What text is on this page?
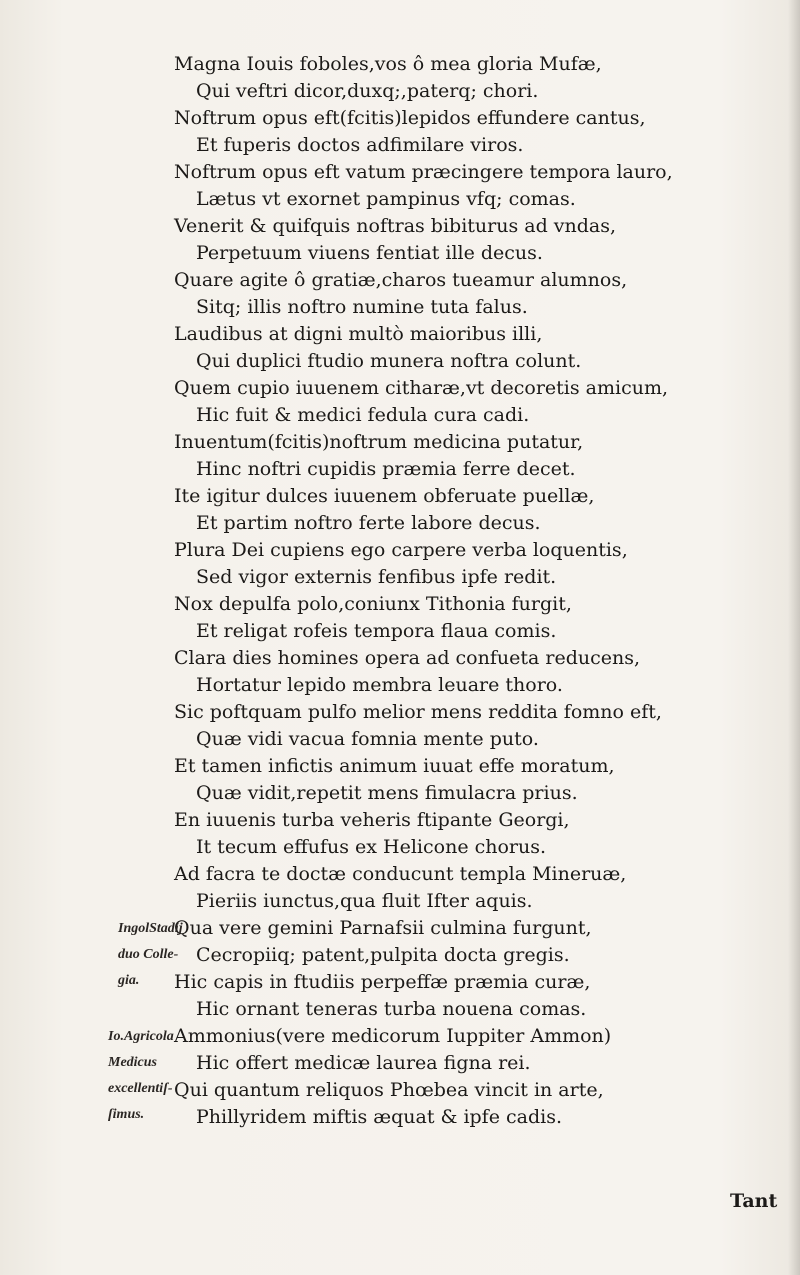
Magna Iouis foboles,vos ô mea gloria Mufæ,
Qui veftri dicor,duxq;,paterq; chori.
Noftrum opus eft(fcitis)lepidos effundere cantus,
Et fuperis doctos adfimilare viros.
Noftrum opus eft vatum præcingere tempora lauro,
Lætus vt exornet pampinus vfq; comas.
Venerit & quifquis noftras bibiturus ad vndas,
Perpetuum viuens fentiat ille decus.
Quare agite ô gratiæ,charos tueamur alumnos,
Sitq; illis noftro numine tuta falus.
Laudibus at digni multò maioribus illi,
Qui duplici ftudio munera noftra colunt.
Quem cupio iuuenem citharæ,vt decoretis amicum,
Hic fuit & medici fedula cura cadi.
Inuentum(fcitis)noftrum medicina putatur,
Hinc noftri cupidis præmia ferre decet.
Ite igitur dulces iuuenem obferuate puellæ,
Et partim noftro ferte labore decus.
Plura Dei cupiens ego carpere verba loquentis,
Sed vigor externis fenfibus ipfe redit.
Nox depulfa polo,coniunx Tithonia furgit,
Et religat rofeis tempora flaua comis.
Clara dies homines opera ad confueta reducens,
Hortatur lepido membra leuare thoro.
Sic poftquam pulfo melior mens reddita fomno eft,
Quæ vidi vacua fomnia mente puto.
Et tamen infictis animum iuuat effe moratum,
Quæ vidit,repetit mens fimulacra prius.
En iuuenis turba veheris ftipante Georgi,
It tecum effufus ex Helicone chorus.
Ad facra te doctæ conducunt templa Mineruæ,
Pieriis iunctus,qua fluit Ifter aquis.
Qua vere gemini Parnafsii culmina furgunt,
Cecropiiq; patent,pulpita docta gregis.
Hic capis in ftudiis perpeffæ præmia curæ,
Hic ornant teneras turba nouena comas.
Ammonius(vere medicorum Iuppiter Ammon)
Hic offert medicæ laurea figna rei.
Qui quantum reliquos Phœbea vincit in arte,
Phillyridem miftis æquat & ipfe cadis.
IngolStadij
duo Colle-
gia.
Io.Agricola
Medicus
excellentiſ-
ſimus.
Tant
